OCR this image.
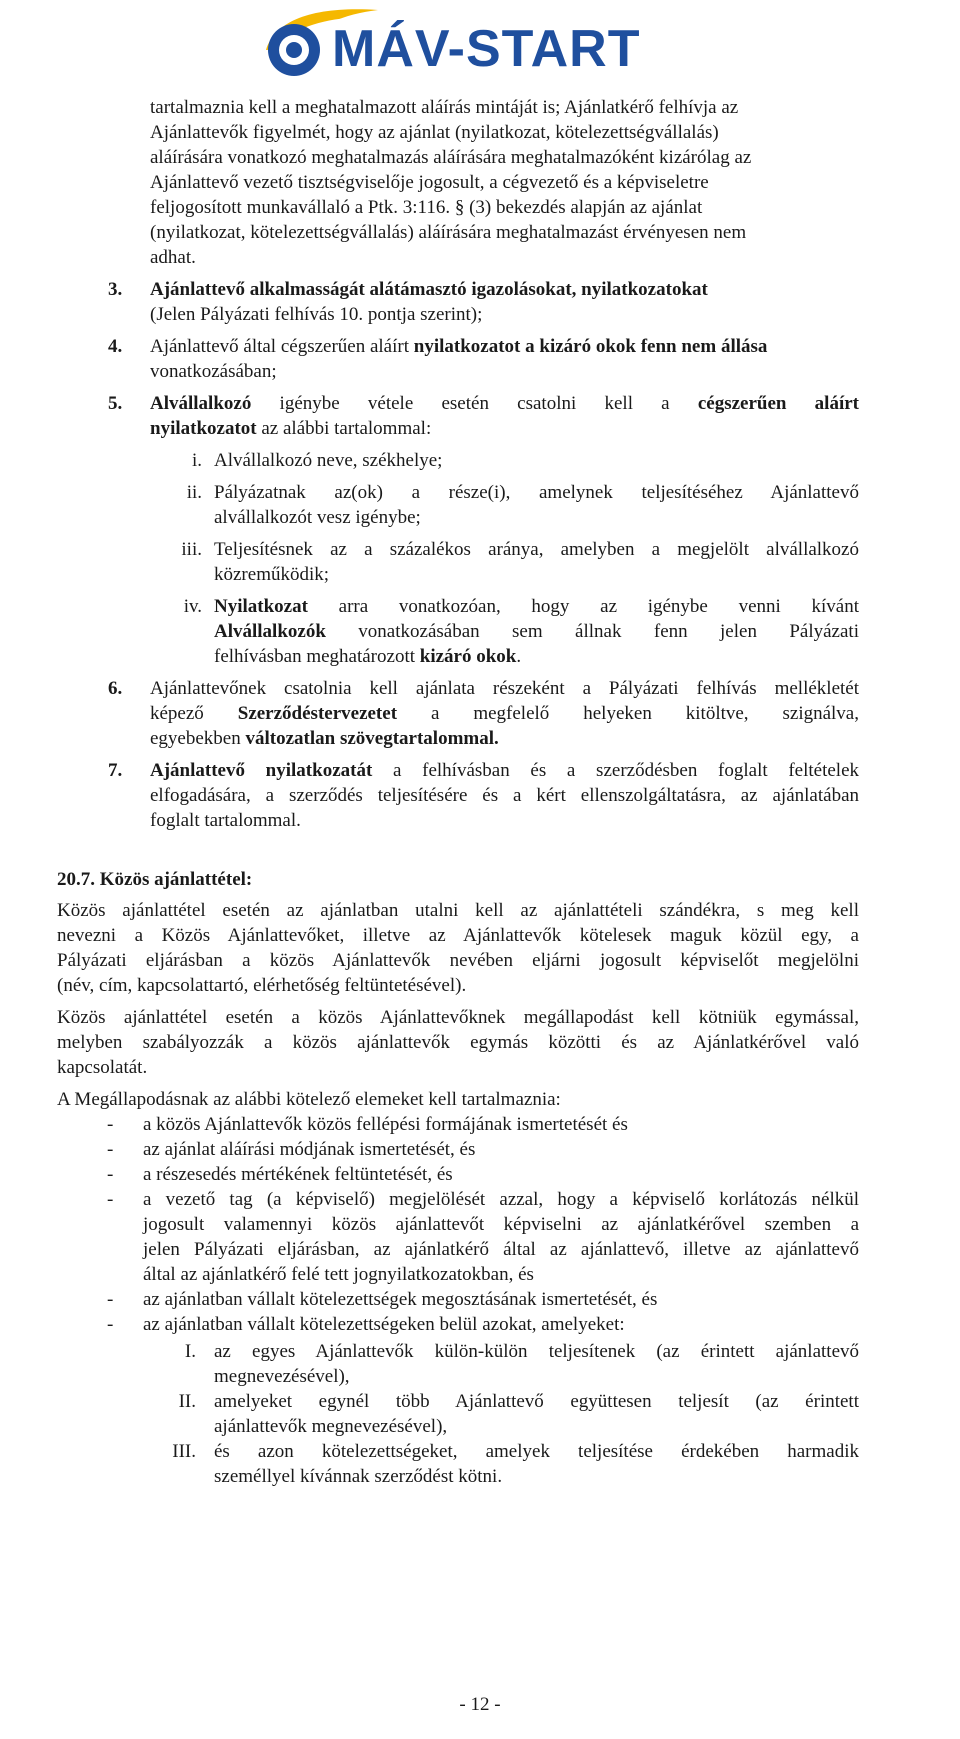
MÁV-START
tartalmaznia kell a meghatalmazott aláírás mintáját is; Ajánlatkérő felhívja az
Ajánlattevők figyelmét, hogy az ajánlat (nyilatkozat, kötelezettségvállalás)
aláírására vonatkozó meghatalmazás aláírására meghatalmazóként kizárólag az
Ajánlattevő vezető tisztségviselője jogosult, a cégvezető és a képviseletre
feljogosított munkavállaló a Ptk. 3:116. § (3) bekezdés alapján az ajánlat
(nyilatkozat, kötelezettségvállalás) aláírására meghatalmazást érvényesen nem
adhat.
3. Ajánlattevő alkalmasságát alátámasztó igazolásokat, nyilatkozatokat
(Jelen Pályázati felhívás 10. pontja szerint);
4. Ajánlattevő által cégszerűen aláírt nyilatkozatot a kizáró okok fenn nem állása
vonatkozásában;
5. Alvállalkozó igénybe vétele esetén csatolni kell a cégszerűen aláírt
nyilatkozatot az alábbi tartalommal:
i. Alvállalkozó neve, székhelye;
ii. Pályázatnak az(ok) a része(i), amelynek teljesítéséhez Ajánlattevő
alvállalkozót vesz igénybe;
iii. Teljesítésnek az a százalékos aránya, amelyben a megjelölt alvállalkozó
közreműködik;
iv. Nyilatkozat arra vonatkozóan, hogy az igénybe venni kívánt
Alvállalkozók vonatkozásában sem állnak fenn jelen Pályázati
felhívásban meghatározott kizáró okok.
6. Ajánlattevőnek csatolnia kell ajánlata részeként a Pályázati felhívás mellékletét
képező Szerződéstervezetet a megfelelő helyeken kitöltve, szignálva,
egyebekben változatlan szövegtartalommal.
7. Ajánlattevő nyilatkozatát a felhívásban és a szerződésben foglalt feltételek
elfogadására, a szerződés teljesítésére és a kért ellenszolgáltatásra, az ajánlatában
foglalt tartalommal.
20.7. Közös ajánlattétel:
Közös ajánlattétel esetén az ajánlatban utalni kell az ajánlattételi szándékra, s meg kell
nevezni a Közös Ajánlattevőket, illetve az Ajánlattevők kötelesek maguk közül egy, a
Pályázati eljárásban a közös Ajánlattevők nevében eljárni jogosult képviselőt megjelölni
(név, cím, kapcsolattartó, elérhetőség feltüntetésével).
Közös ajánlattétel esetén a közös Ajánlattevőknek megállapodást kell kötniük egymással,
melyben szabályozzák a közös ajánlattevők egymás közötti és az Ajánlatkérővel való
kapcsolatát.
A Megállapodásnak az alábbi kötelező elemeket kell tartalmaznia:
- a közös Ajánlattevők közös fellépési formájának ismertetését és
- az ajánlat aláírási módjának ismertetését, és
- a részesedés mértékének feltüntetését, és
- a vezető tag (a képviselő) megjelölését azzal, hogy a képviselő korlátozás nélkül
jogosult valamennyi közös ajánlattevőt képviselni az ajánlatkérővel szemben a
jelen Pályázati eljárásban, az ajánlatkérő által az ajánlattevő, illetve az ajánlattevő
által az ajánlatkérő felé tett jognyilatkozatokban, és
- az ajánlatban vállalt kötelezettségek megosztásának ismertetését, és
- az ajánlatban vállalt kötelezettségeken belül azokat, amelyeket:
I. az egyes Ajánlattevők külön-külön teljesítenek (az érintett ajánlattevő
megnevezésével),
II. amelyeket egynél több Ajánlattevő együttesen teljesít (az érintett
ajánlattevők megnevezésével),
III. és azon kötelezettségeket, amelyek teljesítése érdekében harmadik
személlyel kívánnak szerződést kötni.
- 12 -
